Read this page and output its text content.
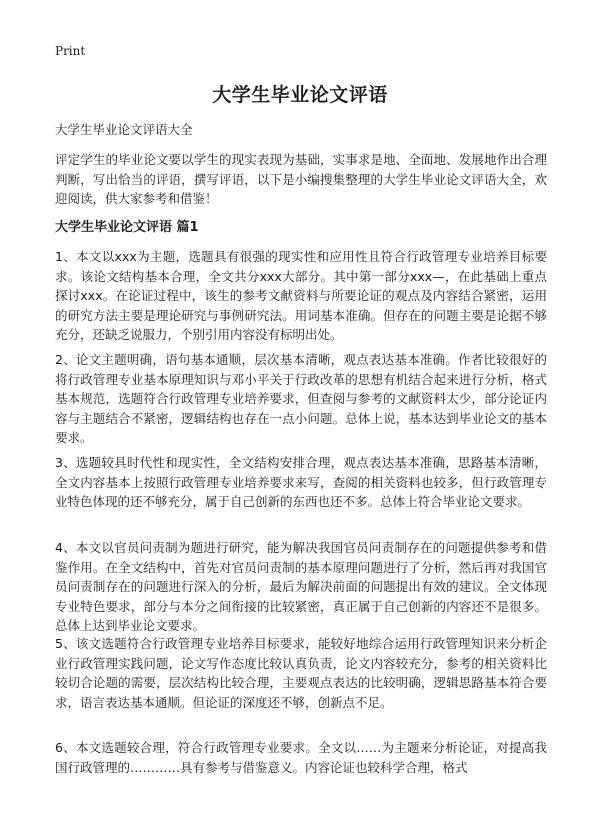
Print
大学生毕业论文评语

大学生毕业论文评语大全

评定学生的毕业论文要以学生的现实表现为基础，实事求是地、全面地、发展地作出合理判断，写出恰当的评语，撰写评语，以下是小编搜集整理的大学生毕业论文评语大全，欢迎阅读，供大家参考和借鉴！

大学生毕业论文评语 篇1

1、本文以xxx为主题，选题具有很强的现实性和应用性且符合行政管理专业培养目标要求。该论文结构基本合理，全文共分xxx大部分。其中第一部分xxx—，在此基础上重点探讨xxx。在论证过程中，该生的参考文献资料与所要论证的观点及内容结合紧密，运用的研究方法主要是理论研究与事例研究法。用词基本准确。但存在的问题主要是论据不够充分，还缺乏说服力，个别引用内容没有标明出处。

2、论文主题明确，语句基本通顺，层次基本清晰，观点表达基本准确。作者比较很好的将行政管理专业基本原理知识与邓小平关于行政改革的思想有机结合起来进行分析，格式基本规范，选题符合行政管理专业培养要求，但查阅与参考的文献资料太少，部分论证内容与主题结合不紧密，逻辑结构也存在一点小问题。总体上说，基本达到毕业论文的基本要求。

3、选题较具时代性和现实性，全文结构安排合理，观点表达基本准确，思路基本清晰，全文内容基本上按照行政管理专业培养要求来写，查阅的相关资料也较多，但行政管理专业特色体现的还不够充分，属于自己创新的东西也还不多。总体上符合毕业论文要求。

4、本文以官员问责制为题进行研究，能为解决我国官员问责制存在的问题提供参考和借鉴作用。在全文结构中，首先对官员问责制的基本原理问题进行了分析，然后再对我国官员问责制存在的问题进行深入的分析，最后为解决前面的问题提出有效的建议。全文体现专业特色要求，部分与本分之间衔接的比较紧密，真正属于自己创新的内容还不是很多。总体上达到毕业论文要求。

5、该文选题符合行政管理专业培养目标要求，能较好地综合运用行政管理知识来分析企业行政管理实践问题，论文写作态度比较认真负责，论文内容较充分，参考的相关资料比较切合论题的需要，层次结构比较合理，主要观点表达的比较明确，逻辑思路基本符合要求，语言表达基本通顺。但论证的深度还不够，创新点不足。

6、本文选题较合理，符合行政管理专业要求。全文以……为主题来分析论证，对提高我国行政管理的…………具有参考与借鉴意义。内容论证也较科学合理，格式
